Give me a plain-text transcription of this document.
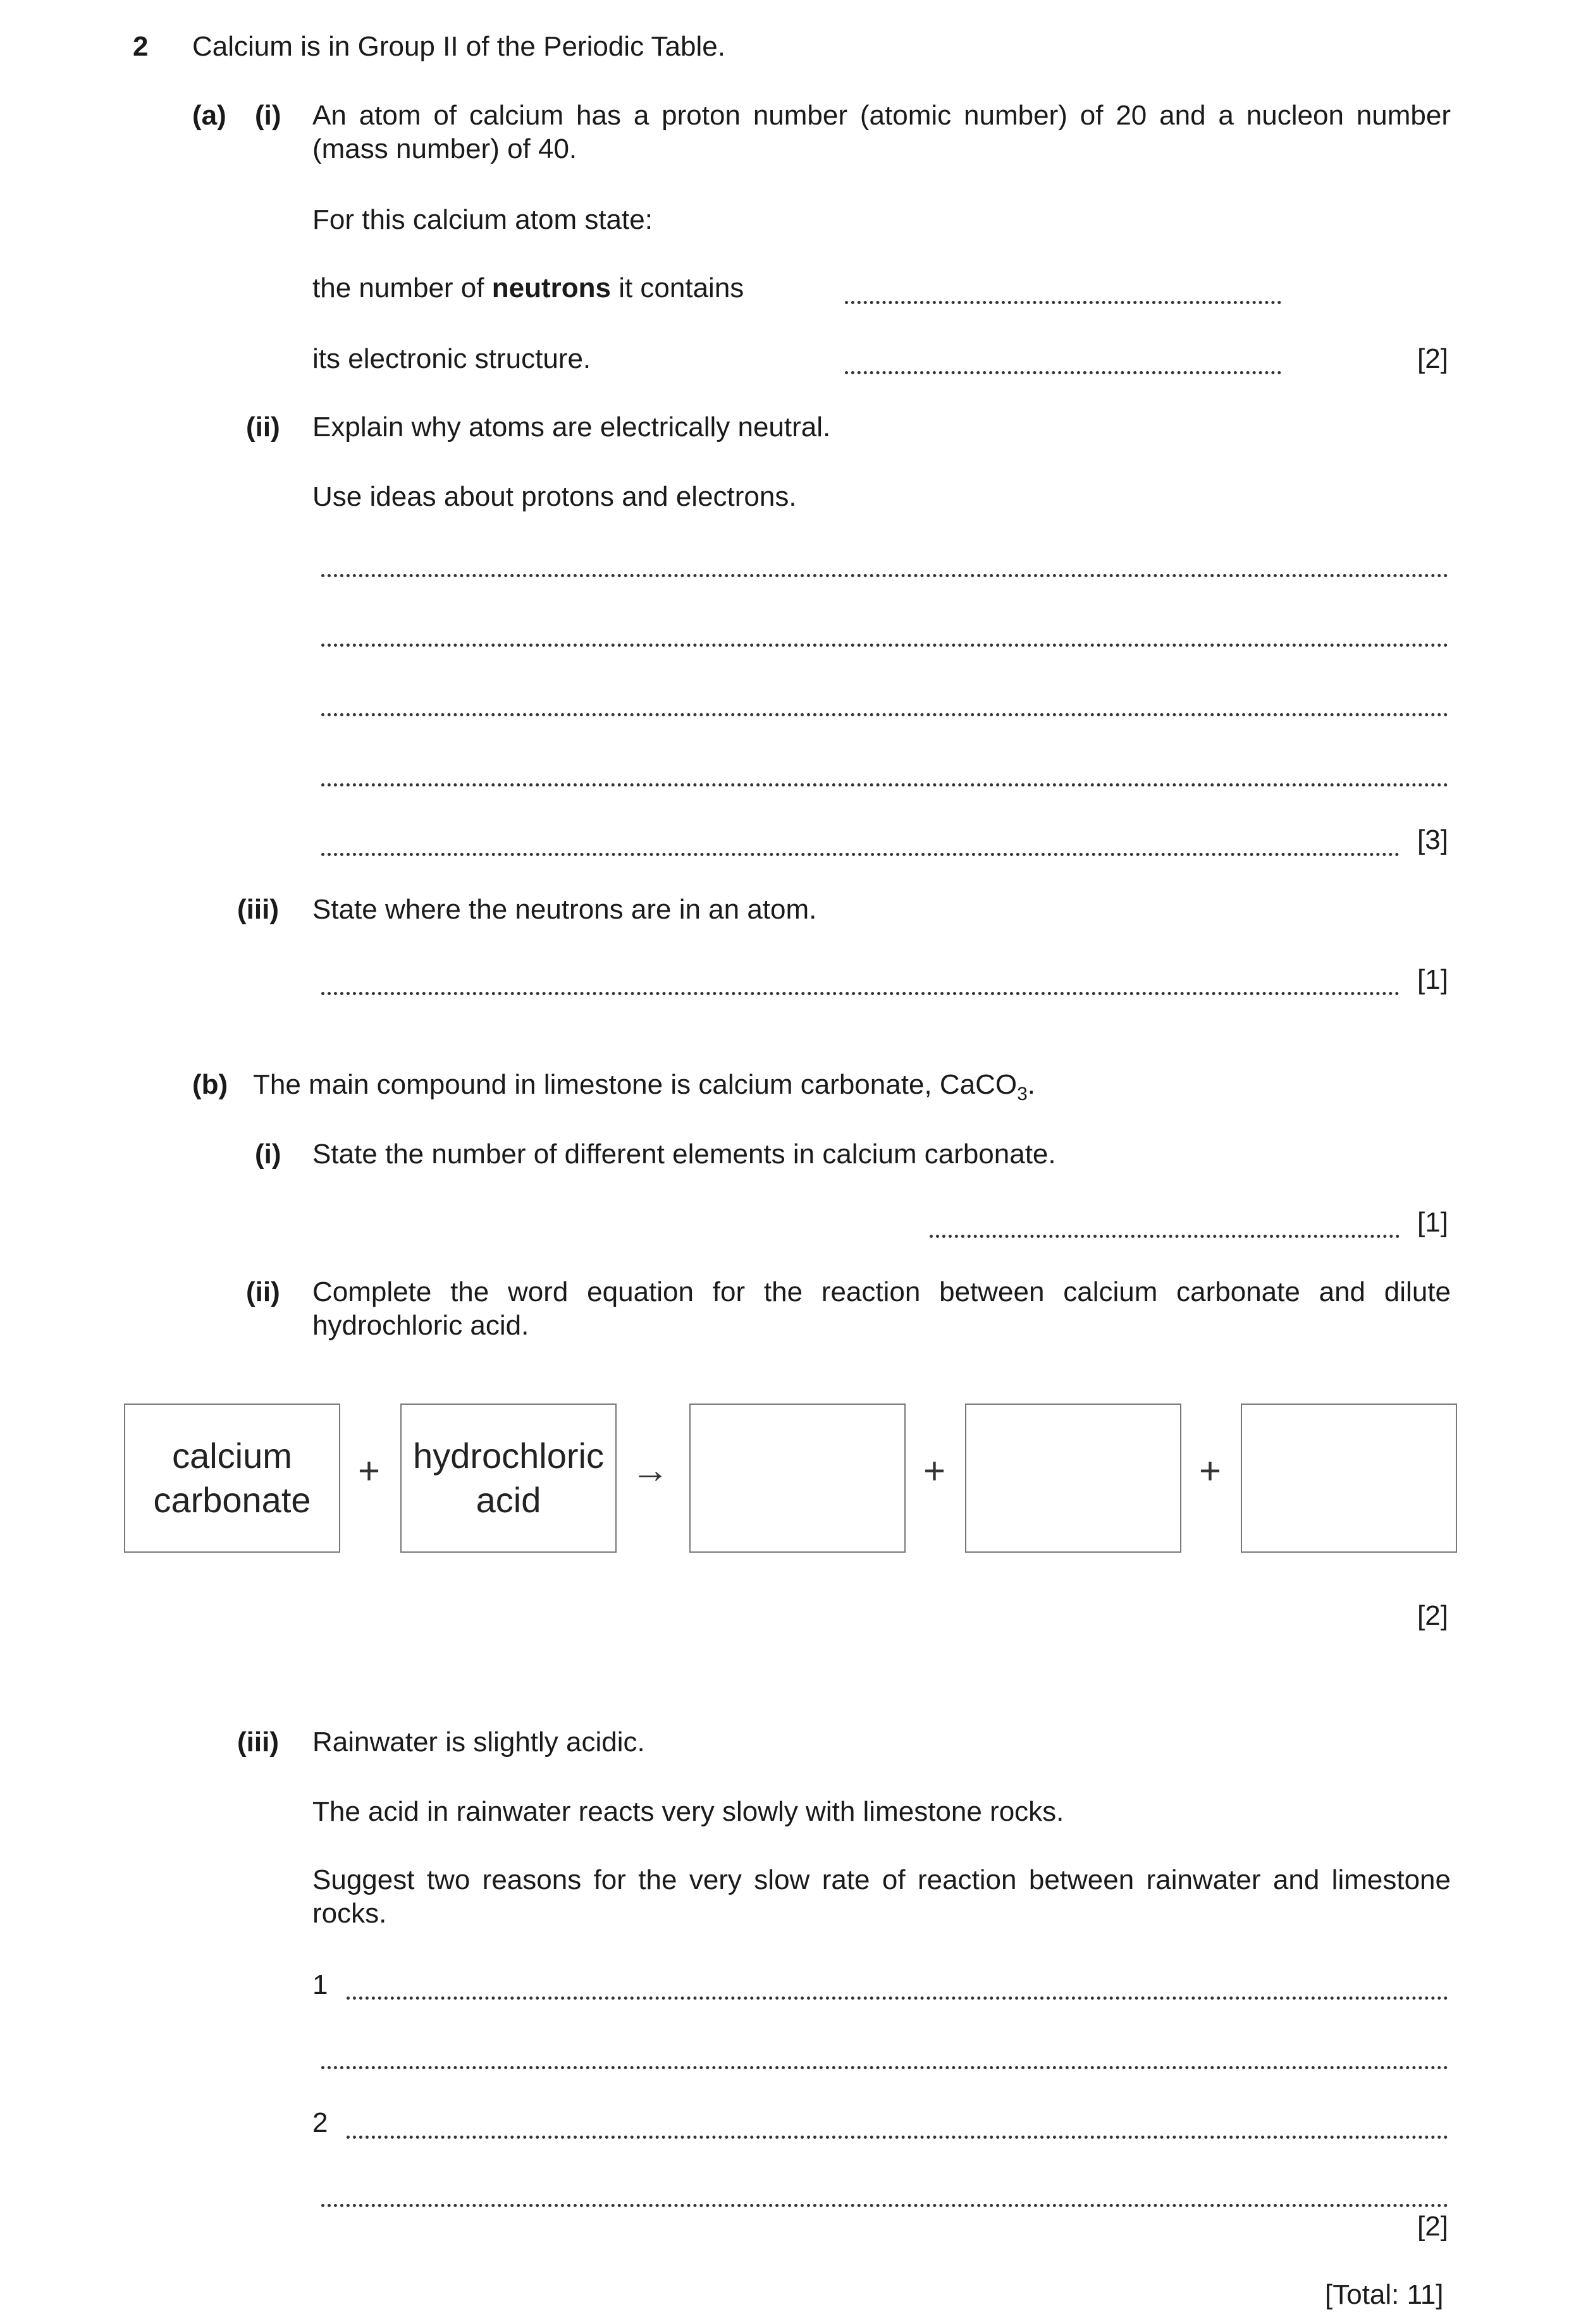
2 Calcium is in Group II of the Periodic Table.
(a) (i) An atom of calcium has a proton number (atomic number) of 20 and a nucleon number (mass number) of 40.
For this calcium atom state:
the number of neutrons it contains
its electronic structure.	[2]
(ii) Explain why atoms are electrically neutral.
Use ideas about protons and electrons.
[3]
(iii) State where the neutrons are in an atom.
[1]
(b) The main compound in limestone is calcium carbonate, CaCO$_3$.
(i) State the number of different elements in calcium carbonate.
[1]
(ii) Complete the word equation for the reaction between calcium carbonate and dilute hydrochloric acid.
calcium
carbonate
+ hydrochloric
acid
→	+	+
[2]
(iii) Rainwater is slightly acidic.
The acid in rainwater reacts very slowly with limestone rocks.
Suggest two reasons for the very slow rate of reaction between rainwater and limestone rocks.
1
2
[2]
[Total: 11]
